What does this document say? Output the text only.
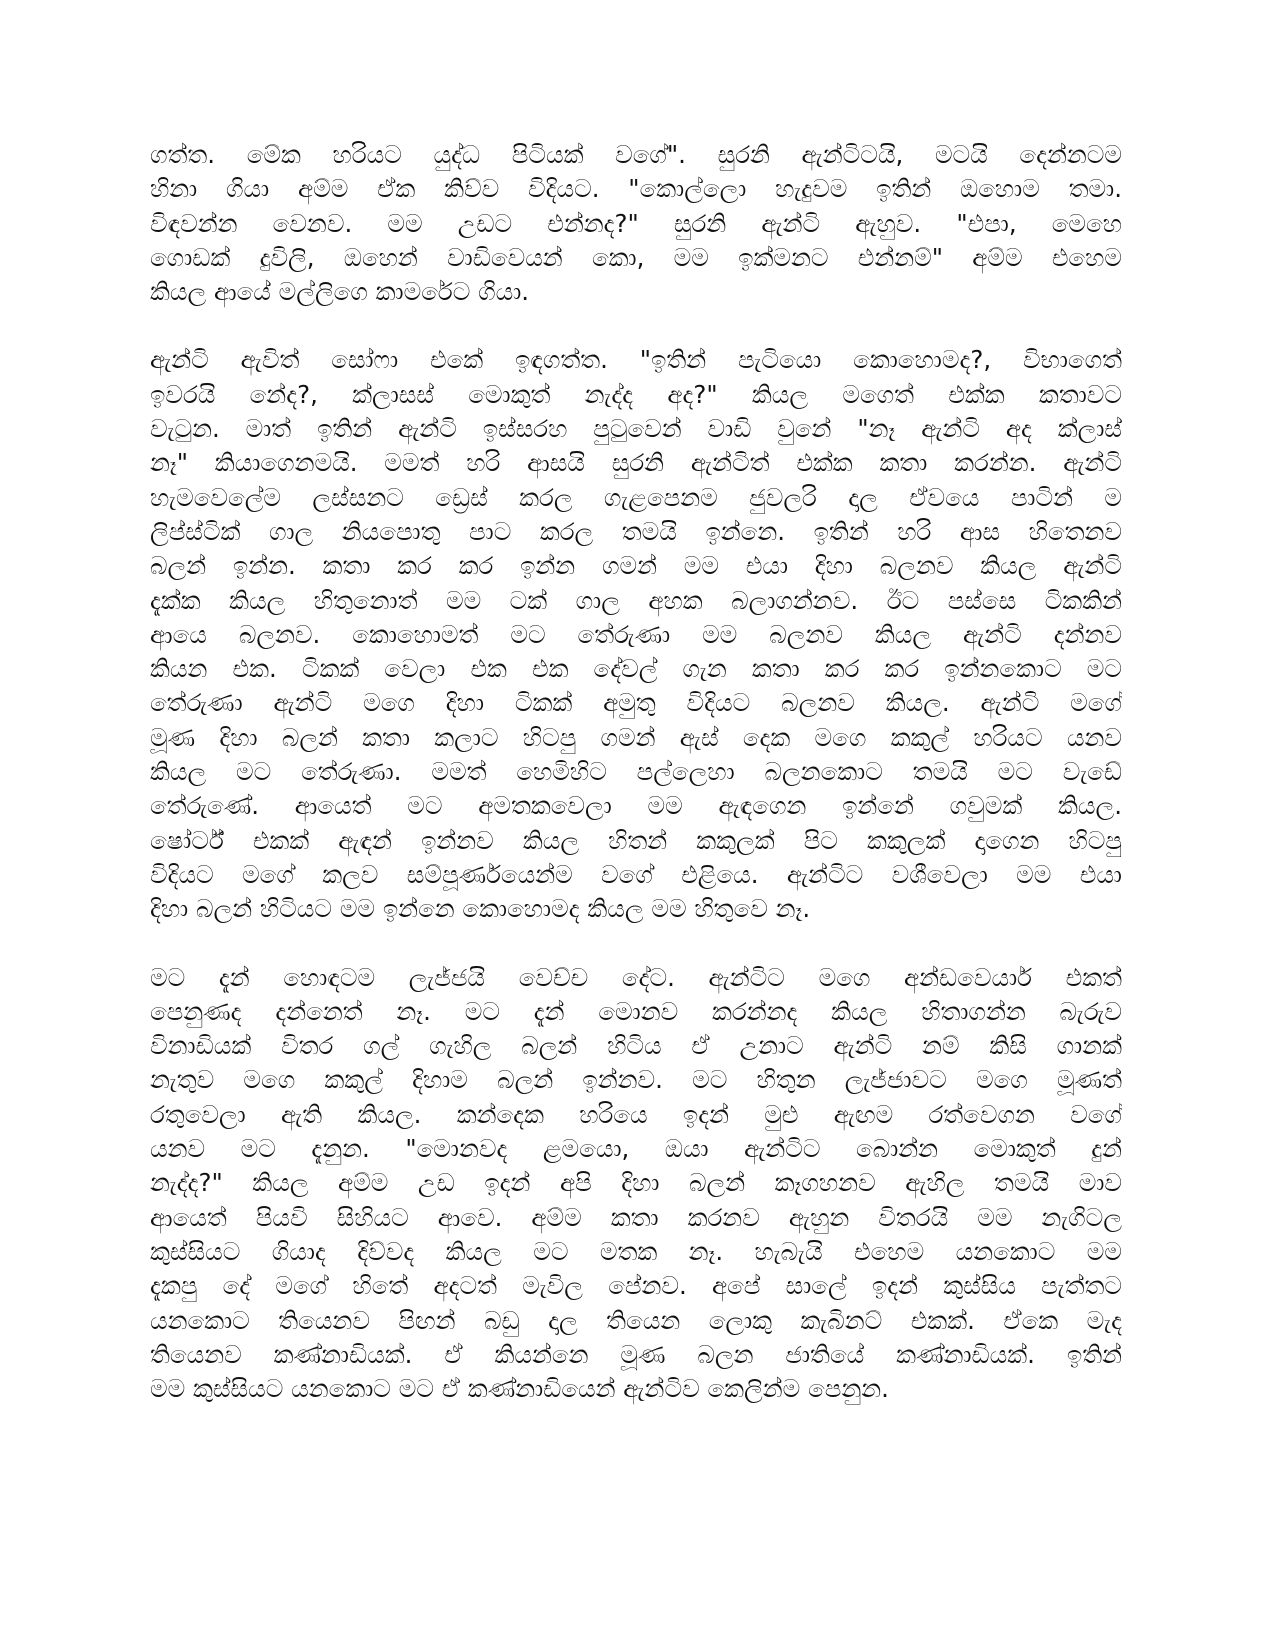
ගත්ත. මේක හරියට යුද්ධ පිටියක් වගේ". සුරනි ඇන්ටිටයි, මටයි දෙන්නටම
හිනා ගියා අම්ම ඒක කිව්ව විදියට. "කොල්ලො හැදුවම ඉතින් ඔහොම තමා.
විඳවන්න වෙනව. මම උඩට එන්නද?" සුරනි ඇන්ටි ඇහුව. "එපා, මෙහෙ
ගොඩක් දුවිලි, ඔහෙන් වාඩිවෙයන් කො, මම ඉක්මනට එන්නම්" අම්ම එහෙම
කියල ආයේ මල්ලිගෙ කාමරේට ගියා.
ඇන්ටි ඇවිත් සෝෆා එකේ ඉඳගත්ත. "ඉතින් පැටියො කොහොමද?, විභාගෙත්
ඉවරයි නේද?, ක්ලාසස් මොකුත් නැද්ද අද?" කියල මගෙත් එක්ක කතාවට
වැටුන. මාත් ඉතින් ඇන්ටි ඉස්සරහ පුටුවෙන් වාඩි වුනේ "නෑ ඇන්ටි අද ක්ලාස්
නෑ" කියාගෙනමයි. මමත් හරි ආසයි සුරනි ඇන්ටිත් එක්ක කතා කරන්න. ඇන්ටි
හැමවෙලේම ලස්සනට ඩ්‍රෙස් කරල ගැළපෙනම ජුවලරි දාල ඒවයෙ පාටින් ම
ලිප්ස්ටික් ගාල නියපොතු පාට කරල තමයි ඉන්නෙ. ඉතින් හරි ආස හිතෙනව
බලන් ඉන්න. කතා කර කර ඉන්න ගමන් මම එයා දිහා බලනව කියල ඇන්ටි
දැක්ක කියල හිතුනොත් මම ටක් ගාල අහක බලාගන්නව. ඊට පස්සෙ ටිකකින්
ආයෙ බලනව. කොහොමත් මට තේරුණා මම බලනව කියල ඇන්ටි දන්නව
කියන එක. ටිකක් වෙලා එක එක දේවල් ගැන කතා කර කර ඉන්නකොට මට
තේරුණා ඇන්ටි මගෙ දිහා ටිකක් අමුතු විදියට බලනව කියල. ඇන්ටි මගේ
මූණ දිහා බලන් කතා කලාට හිටපු ගමන් ඇස් දෙක මගෙ කකුල් හරියට යනව
කියල මට තේරුණා. මමත් හෙමිහිට පල්ලෙහා බලනකොට තමයි මට වැඩේ
තේරුණේ. ආයෙත් මට අමතකවෙලා මම ඇඳගෙන ඉන්නේ ගවුමක් කියල.
ෂෝර්ට් එකක් ඇඳන් ඉන්නව කියල හිතන් කකුලක් පිට කකුලක් දාගෙන හිටපු
විදියට මගේ කලව සම්පූර්ණයෙන්ම වගේ එළියෙ. ඇන්ටිට වශීවෙලා මම එයා
දිහා බලන් හිටියට මම ඉන්නෙ කොහොමද කියල මම හිතුවෙ නෑ.
මට දැන් හොඳටම ලැජ්ජයි වෙච්ච දේට. ඇන්ටිට මගෙ අන්ඩවෙයාර් එකත්
පෙනුණද දන්නෙත් නෑ. මට දැන් මොනව කරන්නද කියල හිතාගන්න බැරුව
විනාඩියක් විතර ගල් ගැහිල බලන් හිටිය ඒ උනාට ඇන්ටි නම් කිසි ගානක්
නැතුව මගෙ කකුල් දිහාම බලන් ඉන්නව. මට හිතුන ලැජ්ජාවට මගෙ මූණත්
රතුවෙලා ඇති කියල. කන්දෙක හරියෙ ඉදන් මුළු ඇඟම රත්වෙගන වගේ
යනව මට දැනුන. "මොනවද ළමයො, ඔයා ඇන්ටිට බොන්න මොකුත් දුන්
නැද්ද?" කියල අම්ම උඩ ඉදන් අපි දිහා බලන් කෑගහනව ඇහිල තමයි මාව
ආයෙත් පියවි සිහියට ආවෙ. අම්ම කතා කරනව ඇහුන විතරයි මම නැගිටල
කුස්සියට ගියාද දිව්වද කියල මට මතක නෑ. හැබැයි එහෙම යනකොට මම
දැකපු දේ මගේ හිතේ අදටත් මැවිල පේනව. අපේ සාලේ ඉදන් කුස්සිය පැත්තට
යනකොට තියෙනව පිඟන් බඩු දාල තියෙන ලොකු කැබිනට් එකක්. ඒකෙ මැද
තියෙනව කණ්නාඩියක්. ඒ කියන්නෙ මූණ බලන ජාතියේ කණ්නාඩියක්. ඉතින්
මම කුස්සියට යනකොට මට ඒ කණ්නාඩියෙන් ඇන්ටිව කෙලින්ම පෙනුන.
